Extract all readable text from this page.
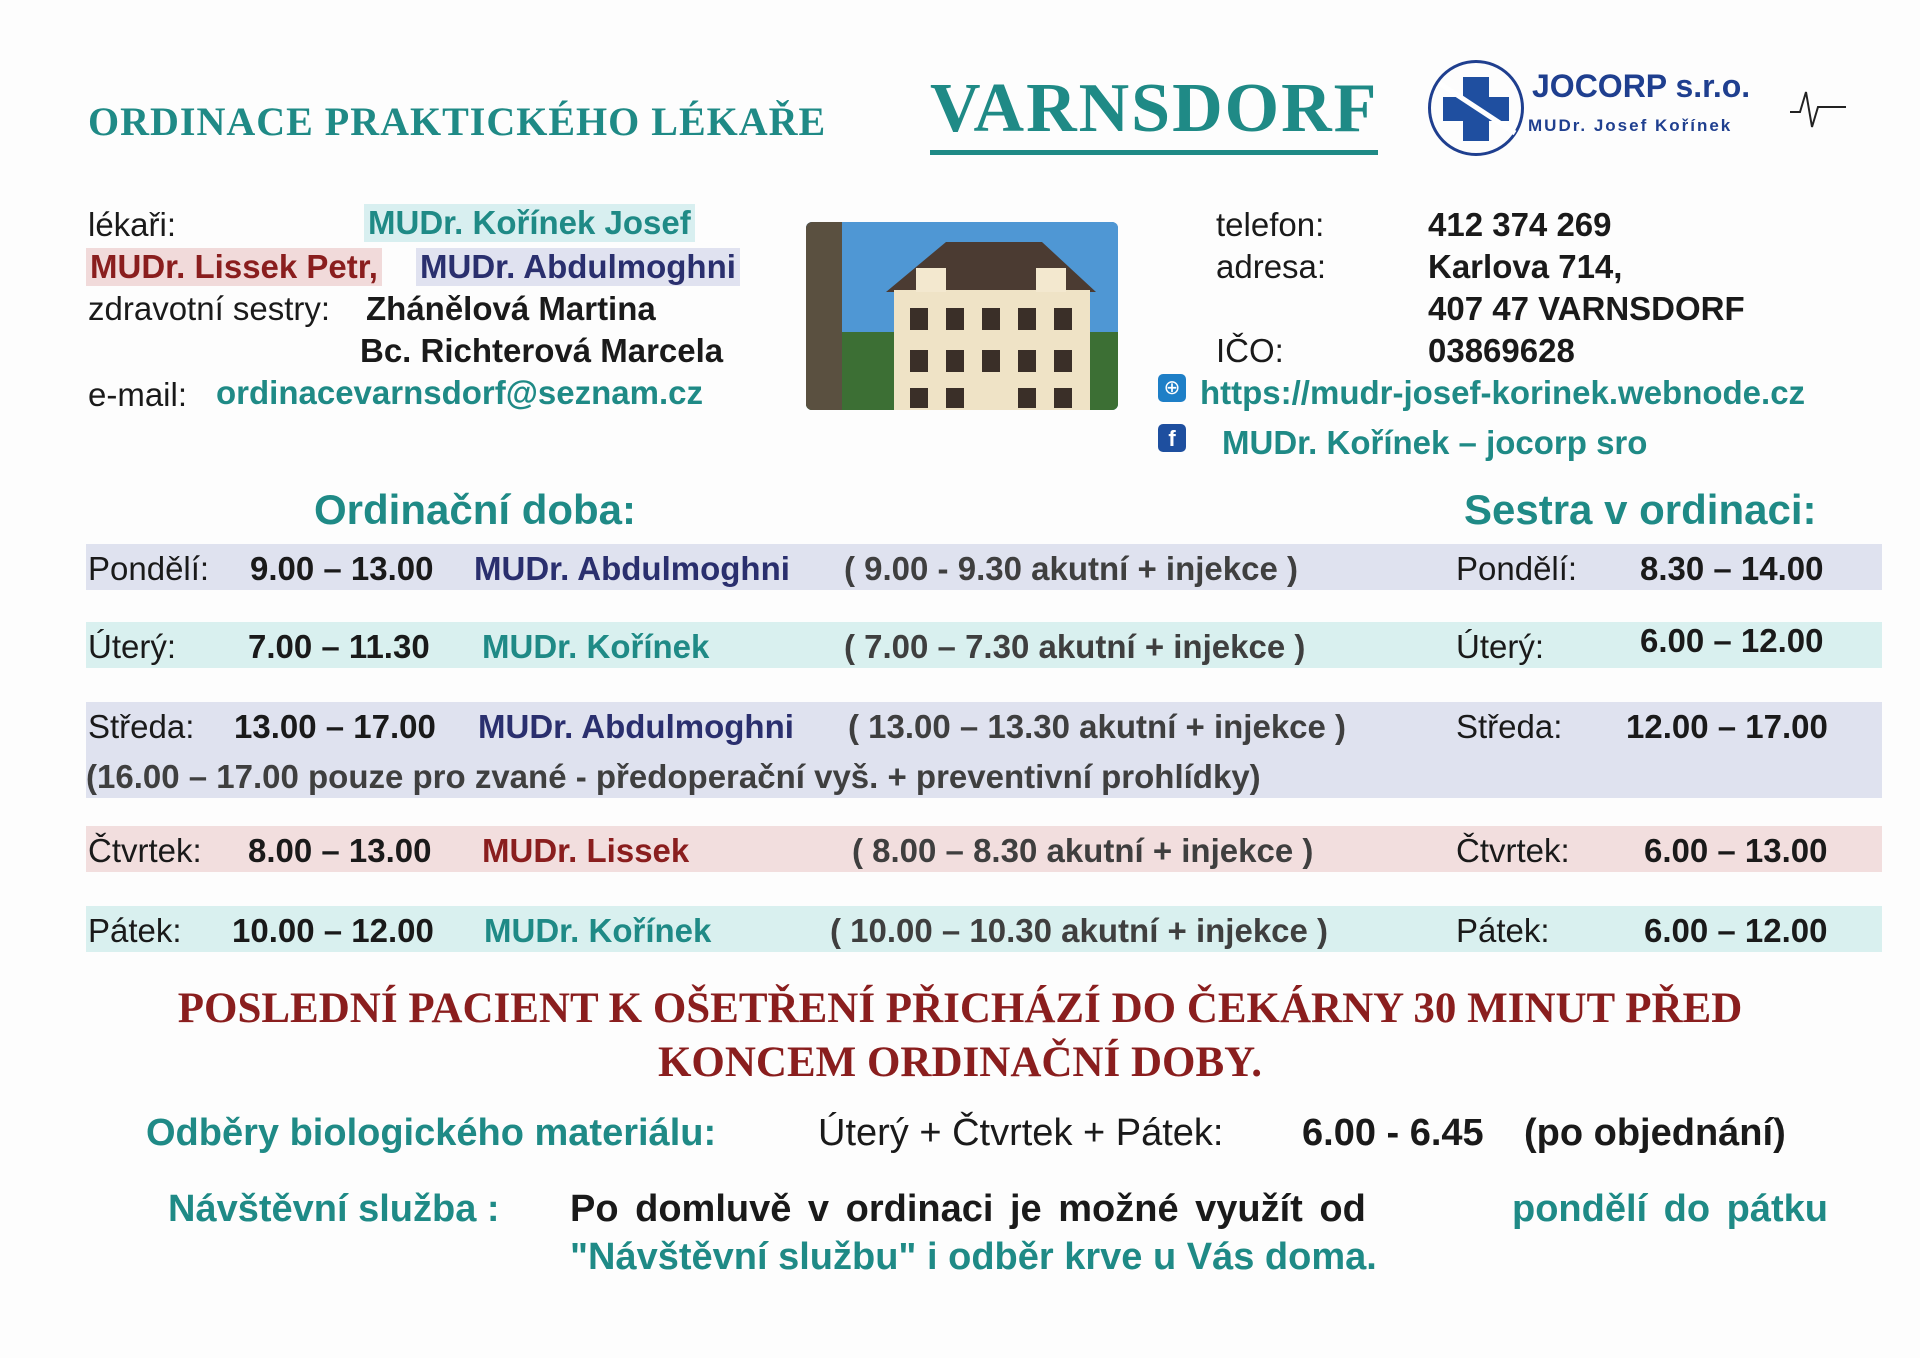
ORDINACE PRAKTICKÉHO LÉKAŘE VARNSDORF	JOCORP s.r.o.
MUDr. Josef Kořínek
lékaři:	MUDr. Kořínek Josef
MUDr. Lissek Petr, MUDr. Abdulmoghni
zdravotní sestry: Zhánělová Martina
Bc. Richterová Marcela
e-mail: ordinacevarnsdorf@seznam.cz
telefon:	412 374 269
adresa:	Karlova 714,
407 47 VARNSDORF
IČO:	03869628
⊕ https://mudr-josef-korinek.webnode.cz
f	MUDr. Kořínek – jocorp sro
Ordinační doba:	Sestra v ordinaci:
Pondělí: 9.00 – 13.00 MUDr. Abdulmoghni ( 9.00 - 9.30 akutní + injekce )	Pondělí: 8.30 – 14.00
Úterý: 7.00 – 11.30 MUDr. Kořínek	( 7.00 – 7.30 akutní + injekce )	Úterý:	6.00 – 12.00
Středa: 13.00 – 17.00 MUDr. Abdulmoghni ( 13.00 – 13.30 akutní + injekce )	Středa: 12.00 – 17.00
(16.00 – 17.00 pouze pro zvané - předoperační vyš. + preventivní prohlídky)
Čtvrtek: 8.00 – 13.00 MUDr. Lissek	( 8.00 – 8.30 akutní + injekce )	Čtvrtek: 6.00 – 13.00
Pátek: 10.00 – 12.00 MUDr. Kořínek	( 10.00 – 10.30 akutní + injekce )	Pátek:	6.00 – 12.00
POSLEDNÍ PACIENT K OŠETŘENÍ PŘICHÁZÍ DO ČEKÁRNY 30 MINUT PŘED
KONCEM ORDINAČNÍ DOBY.
Odběry biologického materiálu:	Úterý + Čtvrtek + Pátek: 6.00 - 6.45 (po objednání)
Návštěvní služba : Po domluvě v ordinaci je možné využít od	pondělí do pátku
"Návštěvní službu" i odběr krve u Vás doma.
